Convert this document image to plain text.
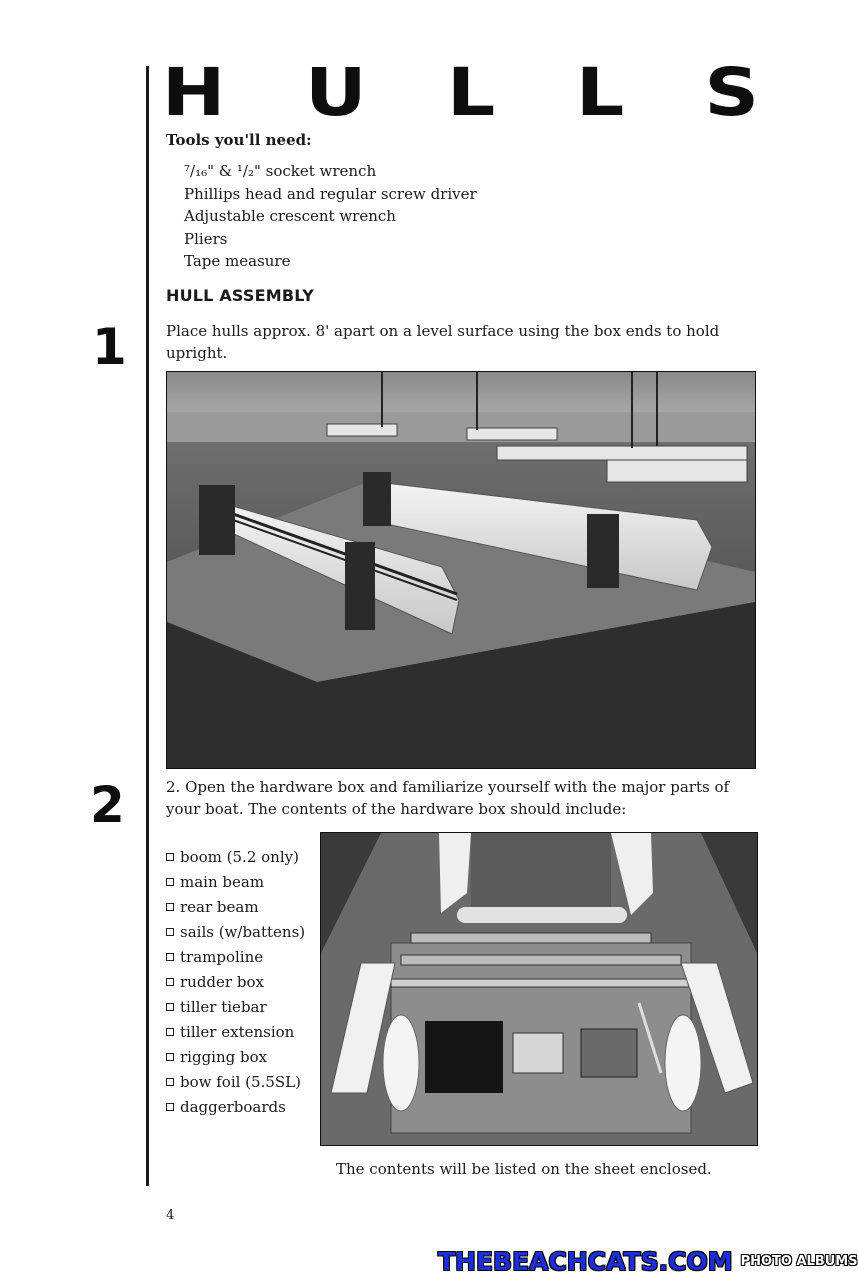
H U L L S
Tools you'll need:
⁷/₁₆" & ¹/₂" socket wrench
Phillips head and regular screw driver
Adjustable crescent wrench
Pliers
Tape measure
HULL ASSEMBLY
1	Place hulls approx. 8' apart on a level surface using the box ends to hold upright.

2	2. Open the hardware box and familiarize yourself with the major parts of your boat. The contents of the hardware box should include:

boom (5.2 only)
main beam
rear beam
sails (w/battens)
trampoline
rudder box
tiller tiebar
tiller extension
rigging box
bow foil (5.5SL)
daggerboards
The contents will be listed on the sheet enclosed.
4
THEBEACHCATS.COM PHOTO ALBUMS
